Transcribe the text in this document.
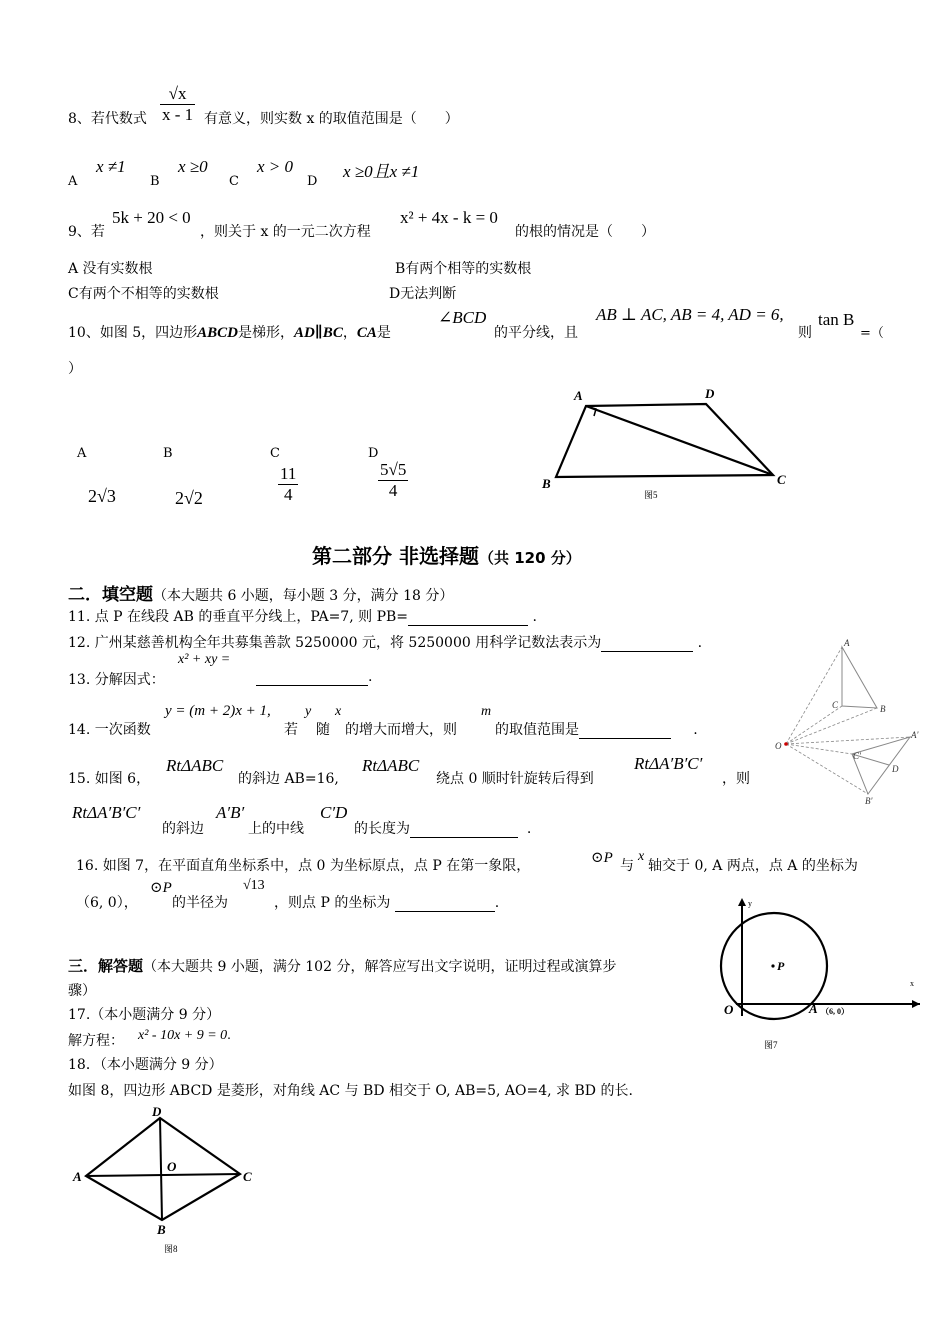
8、若代数式 $\frac{√x}{x - 1}$ 有意义，则实数 x 的取值范围是（　　）
A
x ≠1
B
x ≥0
C
x > 0
D
x ≥0且x ≠1
9、若
5k + 20 < 0
，则关于 x 的一元二次方程
x² + 4x - k = 0
的根的情况是（　　）
A 没有实数根	B有两个相等的实数根
C有两个不相等的实数根	D无法判断
10、如图 5，四边形ABCD是梯形，AD∥BC，CA是
∠BCD
的平分线，且
AB ⊥ AC, AB = 4, AD = 6,
则
tan B
=（
）
A
2√3
B
2√2
C
$\frac{11}{4}$
D
$\frac{5√5}{4}$
A	D
B	C
图5
第二部分 非选择题（共 120 分）
二．填空题（本大题共 6 小题，每小题 3 分，满分 18 分）
11. 点 P 在线段 AB 的垂直平分线上，PA=7, 则 PB=	.
12. 广州某慈善机构全年共募集善款 5250000 元，将 5250000 用科学记数法表示为	.
13. 分解因式：
x² + xy =
.
14. 一次函数
y = (m + 2)x + 1,
若
y
随
x
的增大而增大，则
m
的取值范围是	.
15. 如图 6，
RtΔABC
的斜边 AB=16,
RtΔABC
绕点 0 顺时针旋转后得到
RtΔA′B′C′
，则
RtΔA′B′C′
的斜边
A′B′
上的中线
C′D
的长度为	.
A
C	B
O
A'
C'
D
B'
16. 如图 7，在平面直角坐标系中，点 0 为坐标原点，点 P 在第一象限，	⊙P 与
x
轴交于 0, A 两点，点 A 的坐标为
（6, 0），
⊙P
的半径为
√13
，则点 P 的坐标为	.	y
x
O	A （6, 0）
P
图7
三．解答题（本大题共 9 小题，满分 102 分，解答应写出文字说明，证明过程或演算步
骤）
17.（本小题满分 9 分）
解方程： x² - 10x + 9 = 0.
18．（本小题满分 9 分）
如图 8，四边形 ABCD 是菱形，对角线 AC 与 BD 相交于 O, AB=5, AO=4, 求 BD 的长.
D
A
O
C
B
图8
